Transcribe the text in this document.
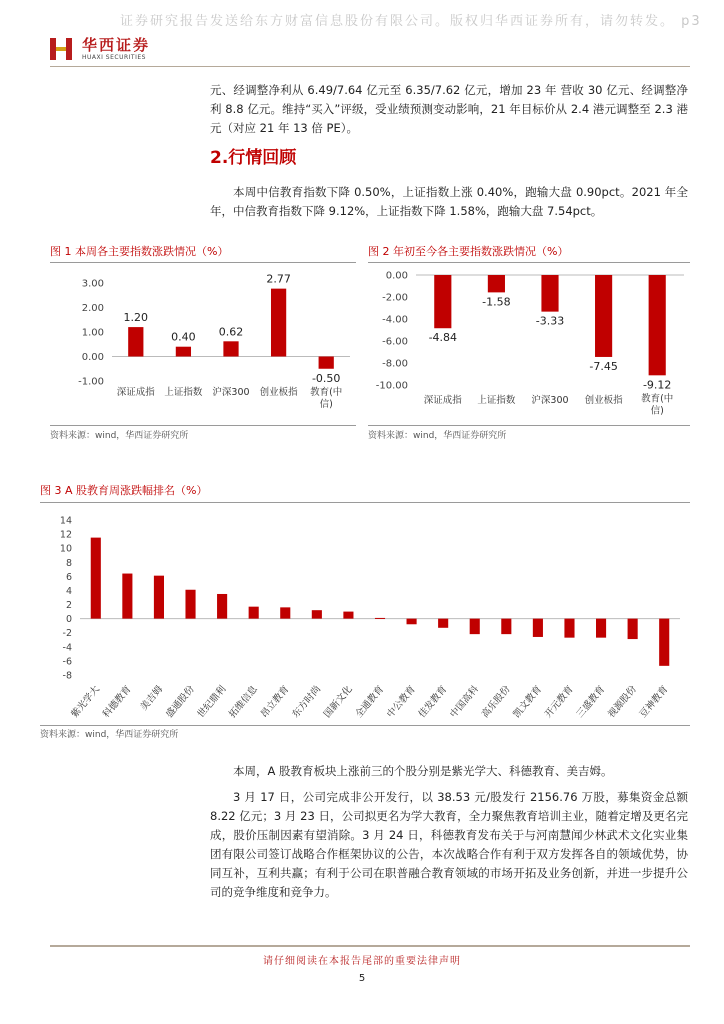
证券研究报告发送给东方财富信息股份有限公司。版权归华西证券所有，请勿转发。 p3
华西证券
HUAXI SECURITIES
元、经调整净利从 6.49/7.64 亿元至 6.35/7.62 亿元，增加 23 年 营收 30 亿元、经调整净利 8.8 亿元。维持“买入”评级，受业绩预测变动影响，21 年目标价从 2.4 港元调整至 2.3 港元（对应 21 年 13 倍 PE）。
2.行情回顾
本周中信教育指数下降 0.50%，上证指数上涨 0.40%，跑输大盘 0.90pct。2021 年全年，中信教育指数下降 9.12%，上证指数下降 1.58%，跑输大盘 7.54pct。
图 1 本周各主要指数涨跌情况（%）
3.00
2.00
1.00
0.00
-1.00
1.20
深证成指
0.40
上证指数
0.62
沪深300
2.77
创业板指
-0.50
教育(中
信)
资料来源：wind，华西证券研究所
图 2 年初至今各主要指数涨跌情况（%）
0.00
-2.00
-4.00
-6.00
-8.00
-10.00
-4.84
深证成指
-1.58
上证指数
-3.33
沪深300
-7.45
创业板指
-9.12
教育(中
信)
资料来源：wind，华西证券研究所
图 3 A 股教育周涨跌幅排名（%）
14
12
10
8
6
4
2
0
-2
-4
-6
-8
紫光学大
科德教育 美吉姆
盛通股份
世纪鼎利
拓维信息
昂立教育
东方时尚
国新文化
全通教育
中公教育
佳发教育
中国高科
高乐股份
凯文教育
开元教育
三盛教育
视源股份
豆神教育
资料来源：wind，华西证券研究所
本周，A 股教育板块上涨前三的个股分别是紫光学大、科德教育、美吉姆。
3 月 17 日，公司完成非公开发行，以 38.53 元/股发行 2156.76 万股，募集资金总额 8.22 亿元；3 月 23 日，公司拟更名为学大教育，全力聚焦教育培训主业，随着定增及更名完成，股价压制因素有望消除。3 月 24 日，科德教育发布关于与河南慧闻少林武术文化实业集团有限公司签订战略合作框架协议的公告，本次战略合作有利于双方发挥各自的领域优势，协同互补，互利共赢；有利于公司在职普融合教育领域的市场开拓及业务创新，并进一步提升公司的竞争维度和竞争力。
请仔细阅读在本报告尾部的重要法律声明
5
